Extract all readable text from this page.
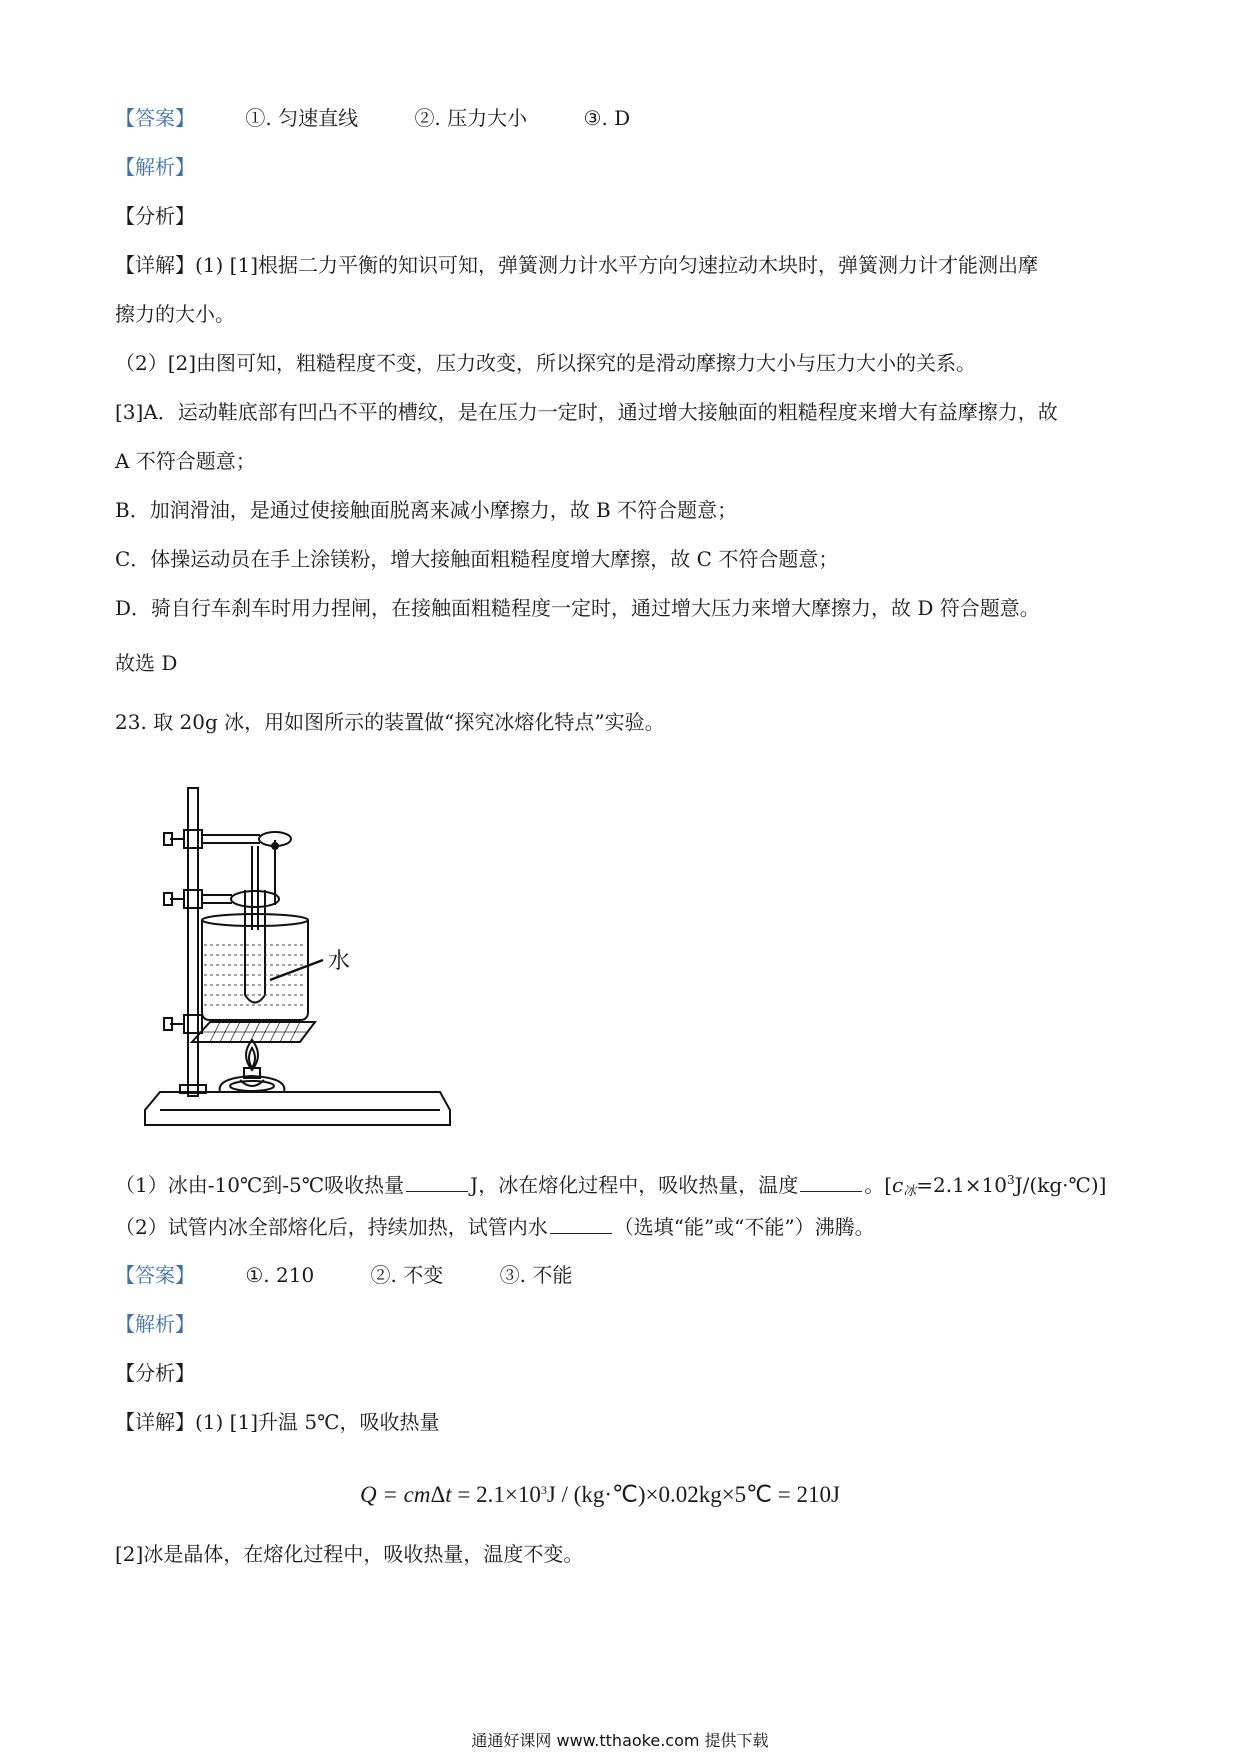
【答案】	①. 匀速直线	②. 压力大小	③. D
【解析】
【分析】
【详解】(1) [1]根据二力平衡的知识可知，弹簧测力计水平方向匀速拉动木块时，弹簧测力计才能测出摩
擦力的大小。
（2）[2]由图可知，粗糙程度不变，压力改变，所以探究的是滑动摩擦力大小与压力大小的关系。
[3]A．运动鞋底部有凹凸不平的槽纹，是在压力一定时，通过增大接触面的粗糙程度来增大有益摩擦力，故
A 不符合题意；
B．加润滑油，是通过使接触面脱离来减小摩擦力，故 B 不符合题意；
C．体操运动员在手上涂镁粉，增大接触面粗糙程度增大摩擦，故 C 不符合题意；
D．骑自行车刹车时用力捏闸，在接触面粗糙程度一定时，通过增大压力来增大摩擦力，故 D 符合题意。
故选 D
23. 取 20g 冰，用如图所示的装置做“探究冰熔化特点”实验。
水
（1）冰由-10℃到-5℃吸收热量	J，冰在熔化过程中，吸收热量，温度	。$[c_冰=2.1\times 10^3J/(kg\cdot℃)]$
（2）试管内冰全部熔化后，持续加热，试管内水	（选填“能”或“不能”）沸腾。
【答案】	①. 210	②. 不变	③. 不能
【解析】
【分析】
【详解】(1) [1]升温 5℃，吸收热量
$Q = cm\Delta t = 2.1\times 10^3J$ / (kg·℃)×0.02kg×5℃ = 210J
[2]冰是晶体，在熔化过程中，吸收热量，温度不变。
通通好课网 www.tthaoke.com 提供下载
